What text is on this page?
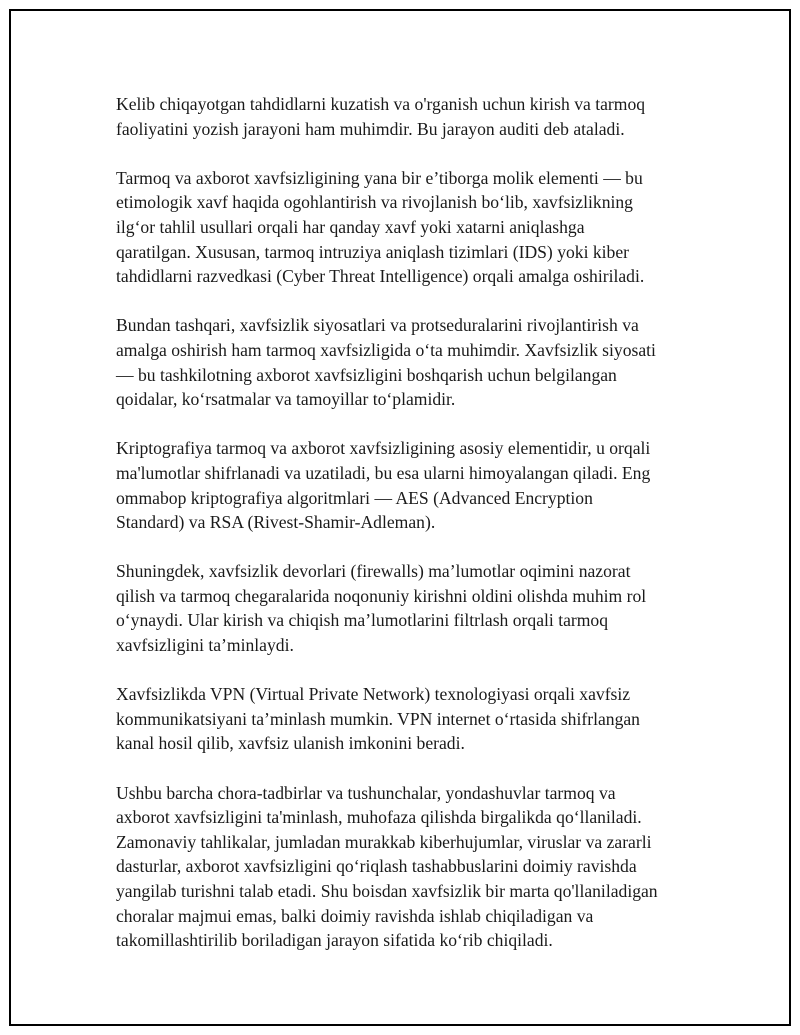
Kelib chiqayotgan tahdidlarni kuzatish va o'rganish uchun kirish va tarmoq
faoliyatini yozish jarayoni ham muhimdir. Bu jarayon auditi deb ataladi.

Tarmoq va axborot xavfsizligining yana bir e’tiborga molik elementi — bu
etimologik xavf haqida ogohlantirish va rivojlanish bo‘lib, xavfsizlikning
ilg‘or tahlil usullari orqali har qanday xavf yoki xatarni aniqlashga
qaratilgan. Xususan, tarmoq intruziya aniqlash tizimlari (IDS) yoki kiber
tahdidlarni razvedkasi (Cyber Threat Intelligence) orqali amalga oshiriladi.

Bundan tashqari, xavfsizlik siyosatlari va protseduralarini rivojlantirish va
amalga oshirish ham tarmoq xavfsizligida o‘ta muhimdir. Xavfsizlik siyosati
— bu tashkilotning axborot xavfsizligini boshqarish uchun belgilangan
qoidalar, ko‘rsatmalar va tamoyillar to‘plamidir.

Kriptografiya tarmoq va axborot xavfsizligining asosiy elementidir, u orqali
ma'lumotlar shifrlanadi va uzatiladi, bu esa ularni himoyalangan qiladi. Eng
ommabop kriptografiya algoritmlari — AES (Advanced Encryption
Standard) va RSA (Rivest-Shamir-Adleman).

Shuningdek, xavfsizlik devorlari (firewalls) ma’lumotlar oqimini nazorat
qilish va tarmoq chegaralarida noqonuniy kirishni oldini olishda muhim rol
o‘ynaydi. Ular kirish va chiqish ma’lumotlarini filtrlash orqali tarmoq
xavfsizligini ta’minlaydi.

Xavfsizlikda VPN (Virtual Private Network) texnologiyasi orqali xavfsiz
kommunikatsiyani ta’minlash mumkin. VPN internet o‘rtasida shifrlangan
kanal hosil qilib, xavfsiz ulanish imkonini beradi.

Ushbu barcha chora-tadbirlar va tushunchalar, yondashuvlar tarmoq va
axborot xavfsizligini ta'minlash, muhofaza qilishda birgalikda qo‘llaniladi.
Zamonaviy tahlikalar, jumladan murakkab kiberhujumlar, viruslar va zararli
dasturlar, axborot xavfsizligini qo‘riqlash tashabbuslarini doimiy ravishda
yangilab turishni talab etadi. Shu boisdan xavfsizlik bir marta qo'llaniladigan
choralar majmui emas, balki doimiy ravishda ishlab chiqiladigan va
takomillashtirilib boriladigan jarayon sifatida ko‘rib chiqiladi.
